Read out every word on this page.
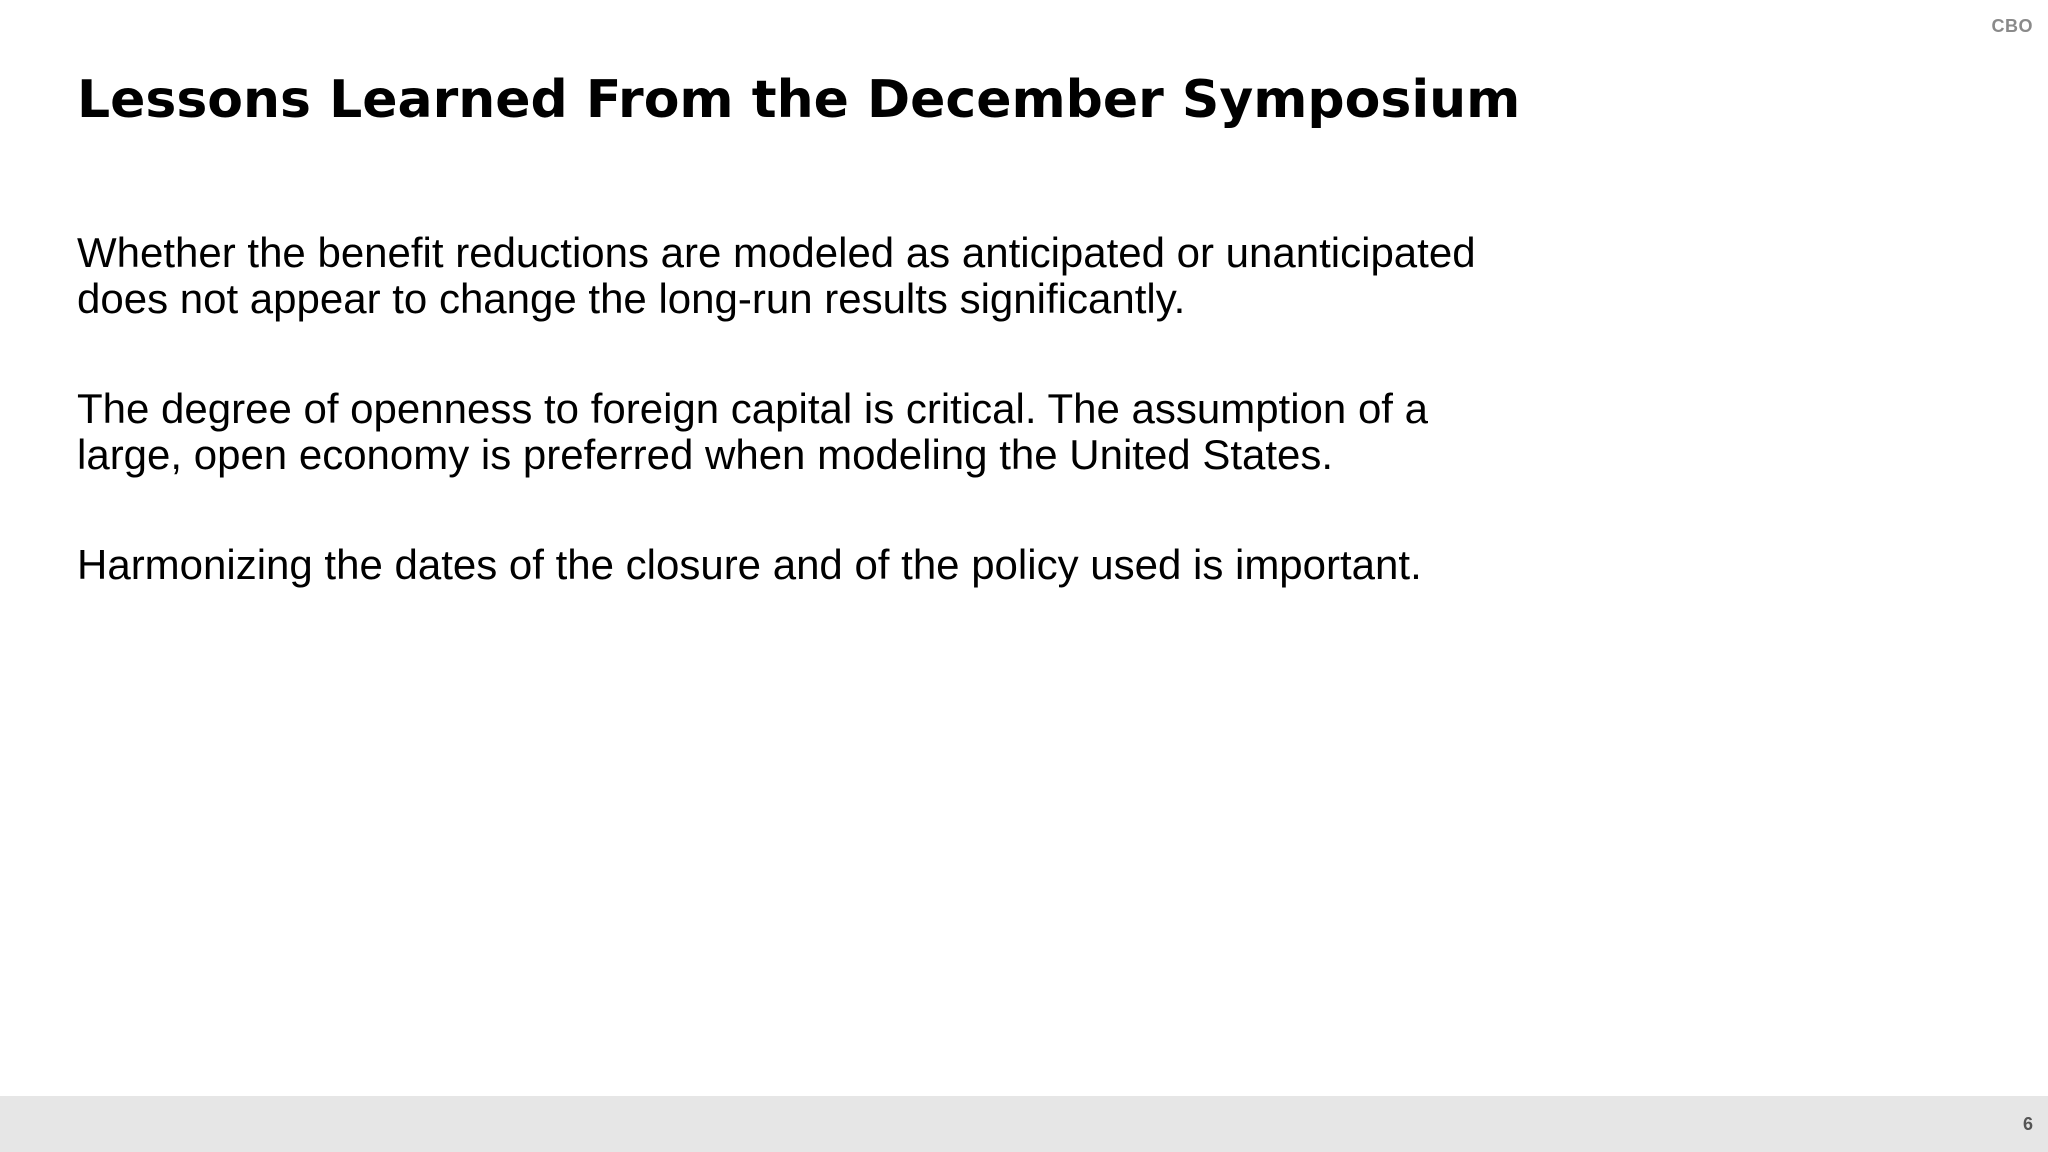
CBO
Lessons Learned From the December Symposium
Whether the benefit reductions are modeled as anticipated or unanticipated
does not appear to change the long-run results significantly.
The degree of openness to foreign capital is critical. The assumption of a
large, open economy is preferred when modeling the United States.
Harmonizing the dates of the closure and of the policy used is important.
6
